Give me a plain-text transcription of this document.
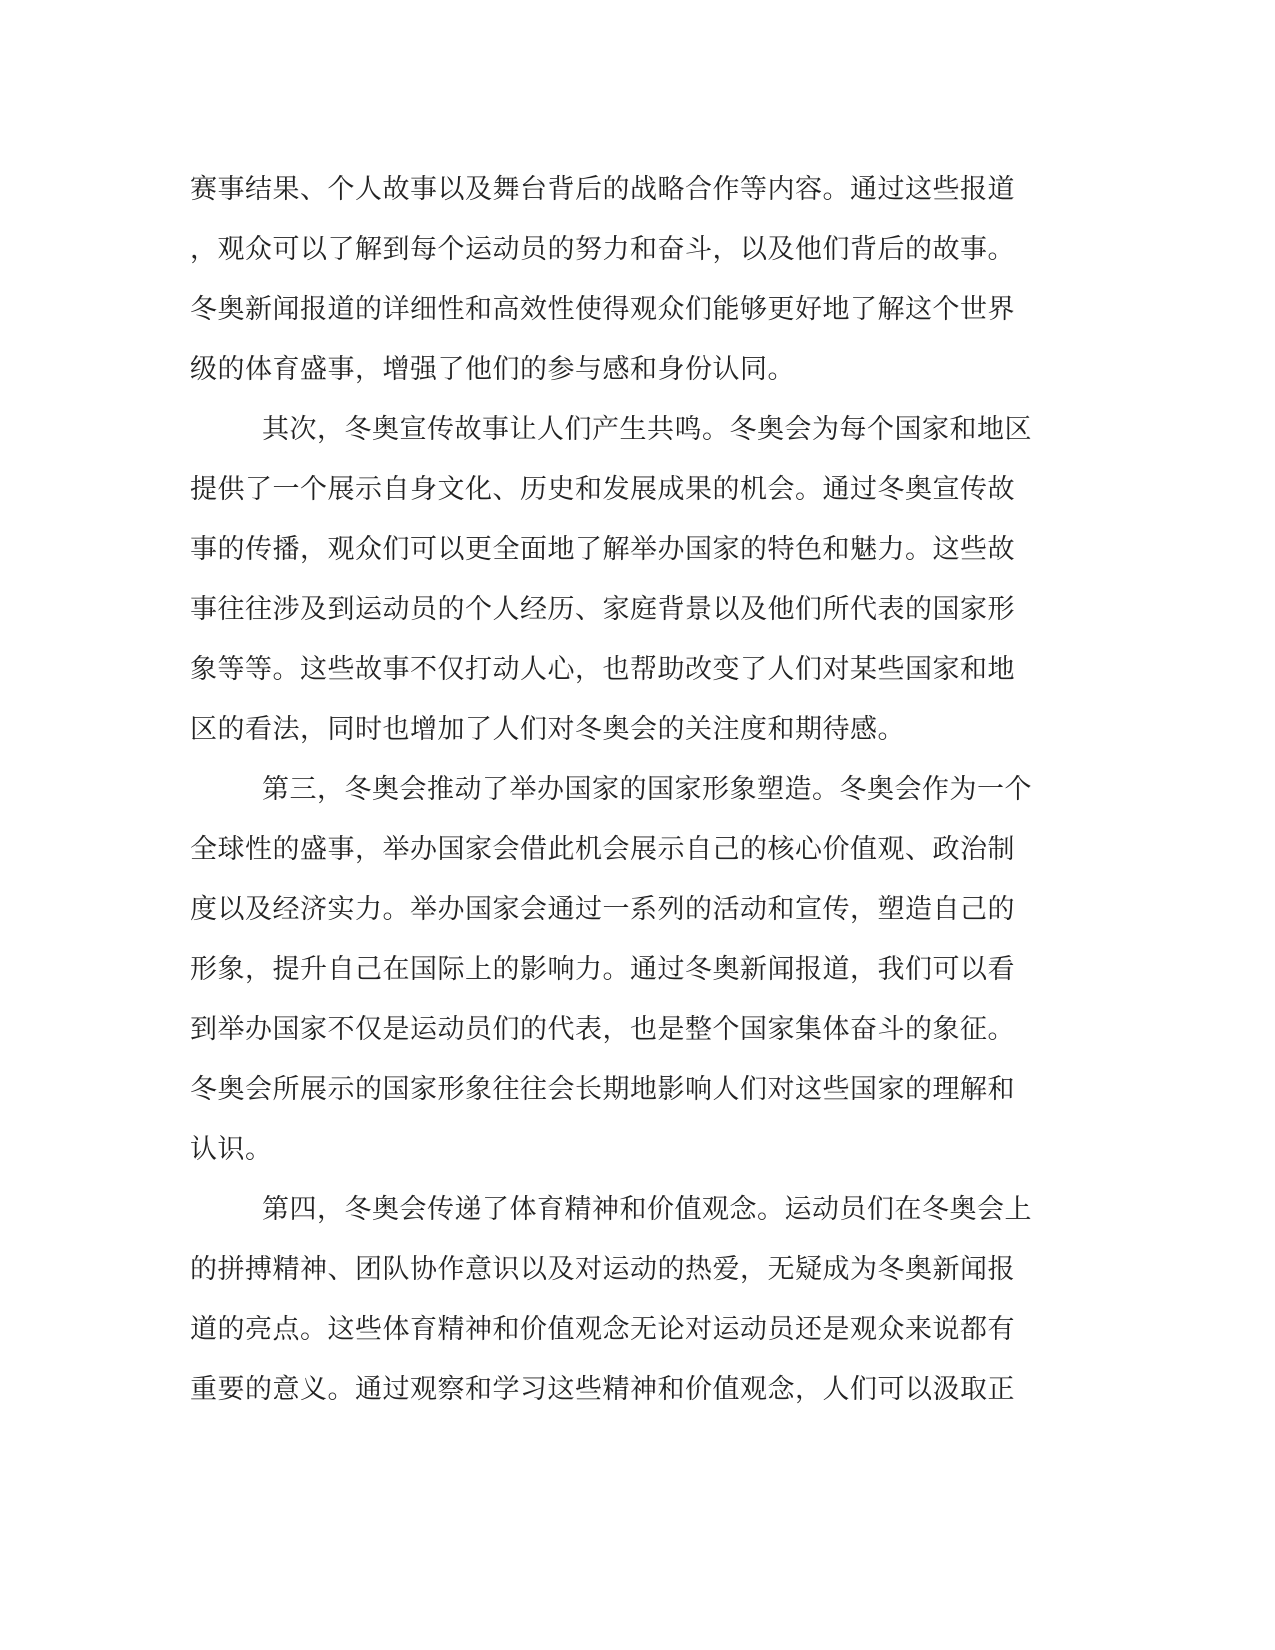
赛事结果、个人故事以及舞台背后的战略合作等内容。通过这些报道
，观众可以了解到每个运动员的努力和奋斗，以及他们背后的故事。
冬奥新闻报道的详细性和高效性使得观众们能够更好地了解这个世界
级的体育盛事，增强了他们的参与感和身份认同。
其次，冬奥宣传故事让人们产生共鸣。冬奥会为每个国家和地区
提供了一个展示自身文化、历史和发展成果的机会。通过冬奥宣传故
事的传播，观众们可以更全面地了解举办国家的特色和魅力。这些故
事往往涉及到运动员的个人经历、家庭背景以及他们所代表的国家形
象等等。这些故事不仅打动人心，也帮助改变了人们对某些国家和地
区的看法，同时也增加了人们对冬奥会的关注度和期待感。
第三，冬奥会推动了举办国家的国家形象塑造。冬奥会作为一个
全球性的盛事，举办国家会借此机会展示自己的核心价值观、政治制
度以及经济实力。举办国家会通过一系列的活动和宣传，塑造自己的
形象，提升自己在国际上的影响力。通过冬奥新闻报道，我们可以看
到举办国家不仅是运动员们的代表，也是整个国家集体奋斗的象征。
冬奥会所展示的国家形象往往会长期地影响人们对这些国家的理解和
认识。
第四，冬奥会传递了体育精神和价值观念。运动员们在冬奥会上
的拼搏精神、团队协作意识以及对运动的热爱，无疑成为冬奥新闻报
道的亮点。这些体育精神和价值观念无论对运动员还是观众来说都有
重要的意义。通过观察和学习这些精神和价值观念，人们可以汲取正
